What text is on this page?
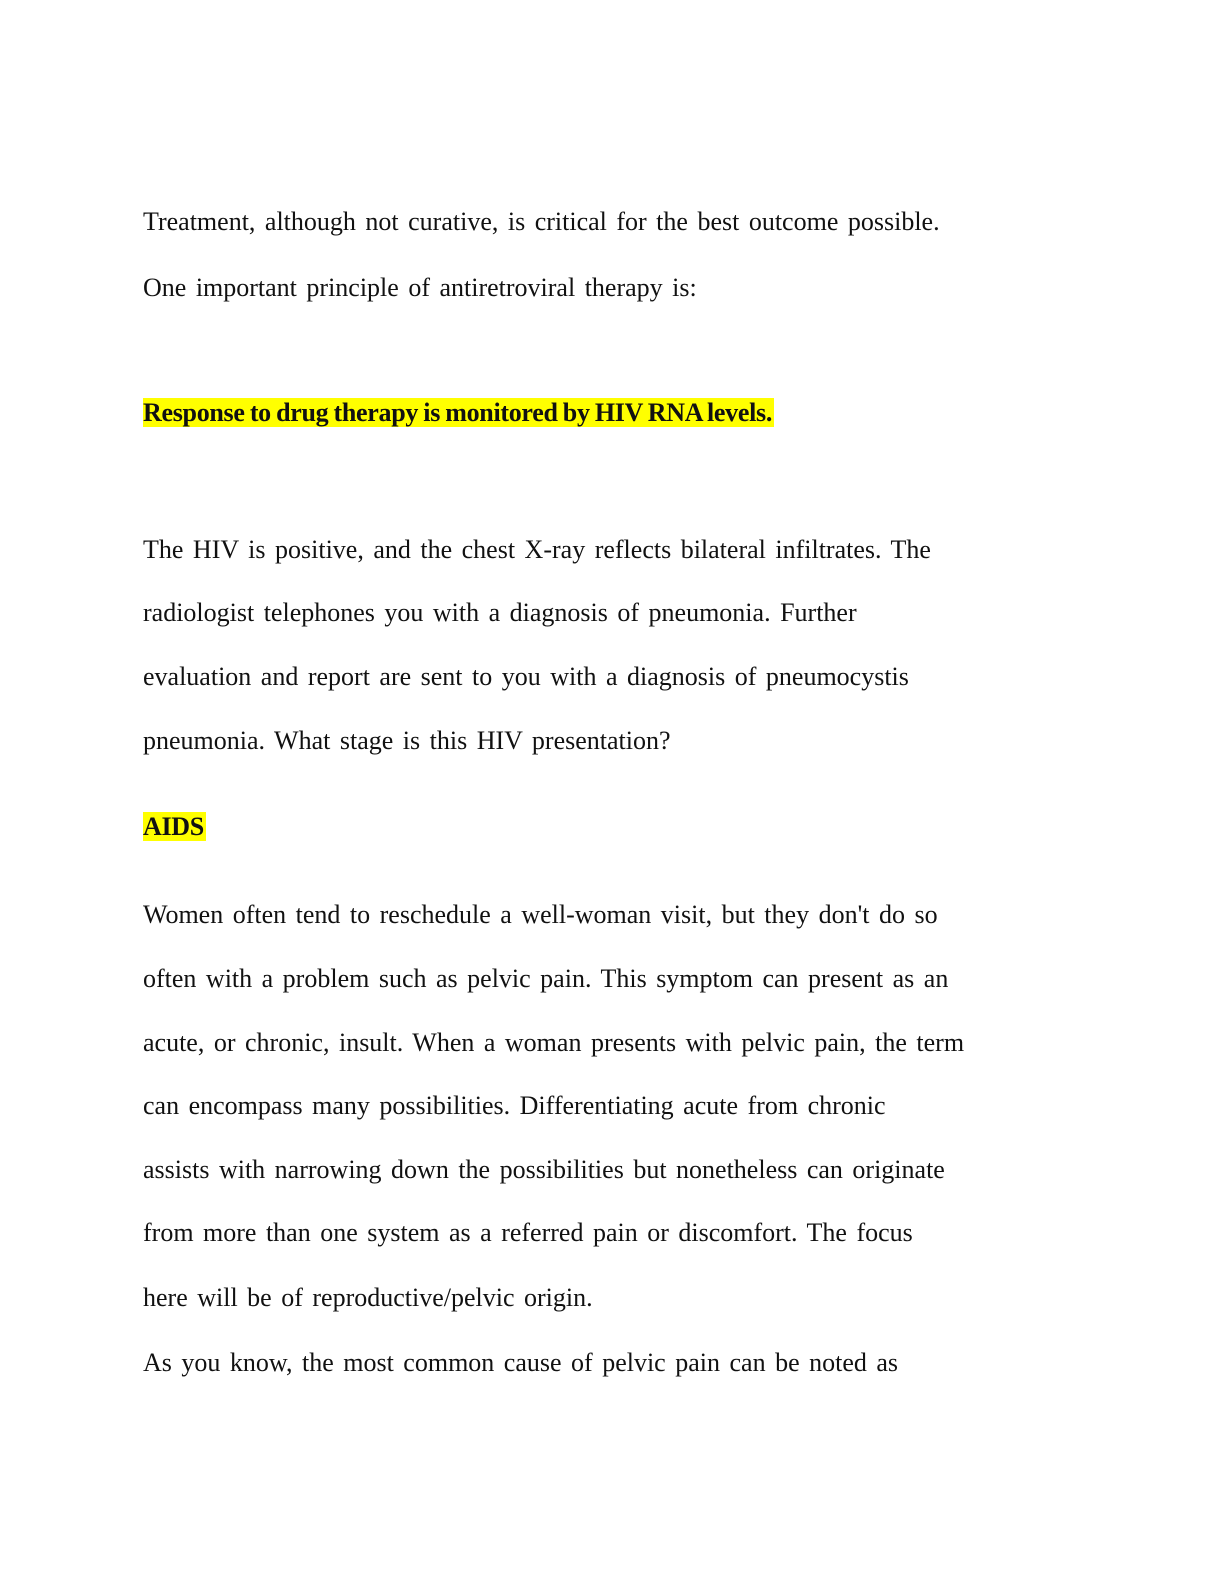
Treatment, although not curative, is critical for the best outcome possible.
One important principle of antiretroviral therapy is:
Response to drug therapy is monitored by HIV RNA levels.
The HIV is positive, and the chest X-ray reflects bilateral infiltrates. The
radiologist telephones you with a diagnosis of pneumonia. Further
evaluation and report are sent to you with a diagnosis of pneumocystis
pneumonia. What stage is this HIV presentation?
AIDS
Women often tend to reschedule a well-woman visit, but they don't do so
often with a problem such as pelvic pain. This symptom can present as an
acute, or chronic, insult. When a woman presents with pelvic pain, the term
can encompass many possibilities. Differentiating acute from chronic
assists with narrowing down the possibilities but nonetheless can originate
from more than one system as a referred pain or discomfort. The focus
here will be of reproductive/pelvic origin.
As you know, the most common cause of pelvic pain can be noted as
